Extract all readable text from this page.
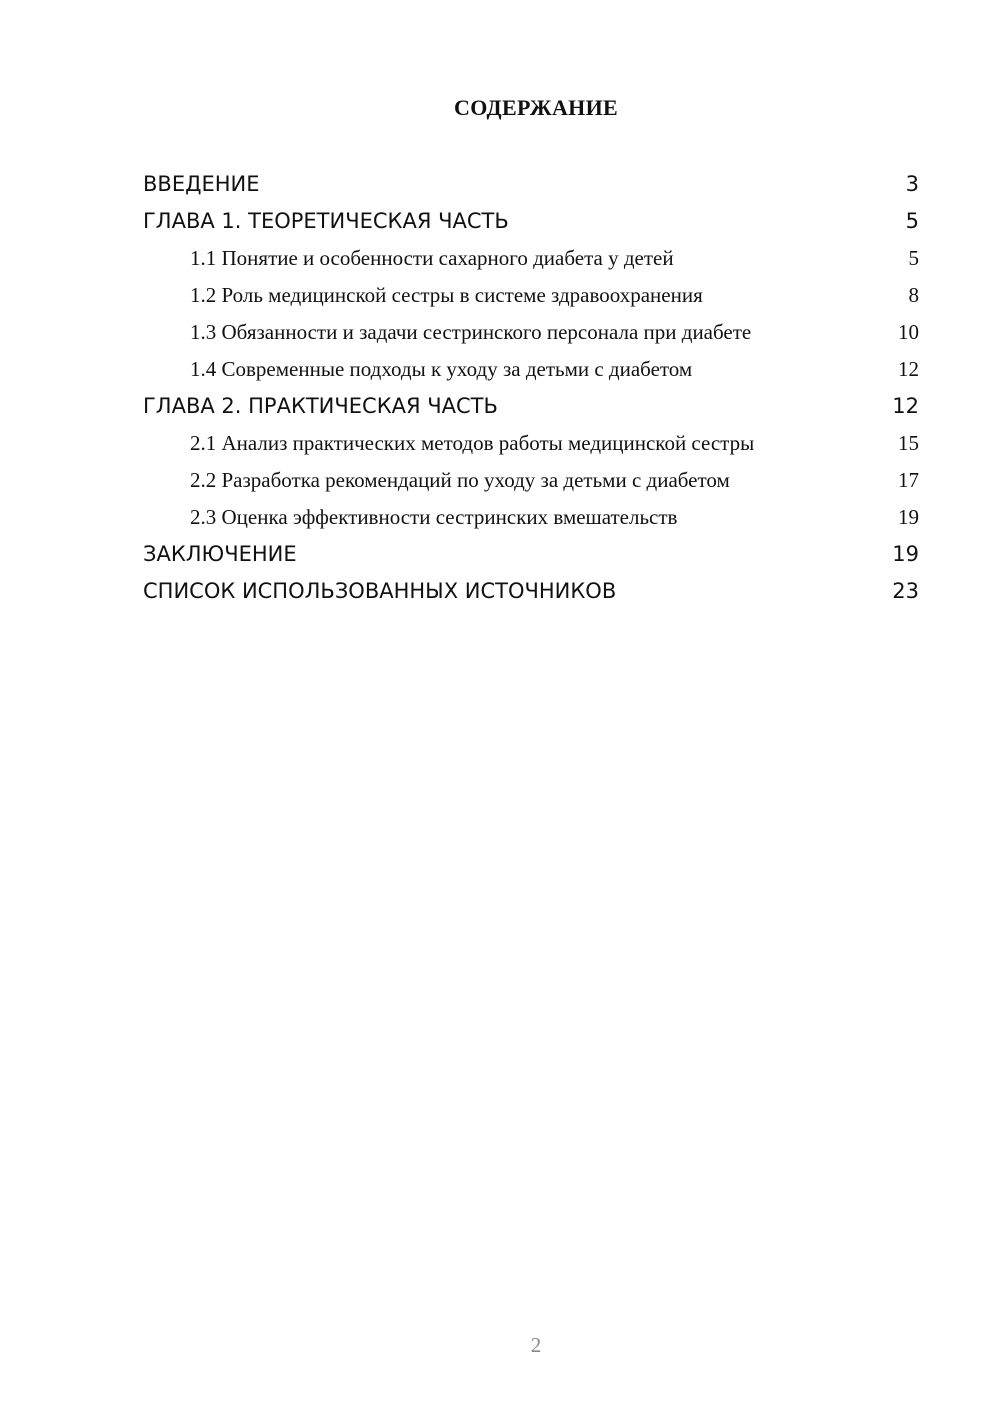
СОДЕРЖАНИЕ
ВВЕДЕНИЕ	3
ГЛАВА 1. ТЕОРЕТИЧЕСКАЯ ЧАСТЬ	5
1.1 Понятие и особенности сахарного диабета у детей	5
1.2 Роль медицинской сестры в системе здравоохранения	8
1.3 Обязанности и задачи сестринского персонала при диабете	10
1.4 Современные подходы к уходу за детьми с диабетом	12
ГЛАВА 2. ПРАКТИЧЕСКАЯ ЧАСТЬ	12
2.1 Анализ практических методов работы медицинской сестры	15
2.2 Разработка рекомендаций по уходу за детьми с диабетом	17
2.3 Оценка эффективности сестринских вмешательств	19
ЗАКЛЮЧЕНИЕ	19
СПИСОК ИСПОЛЬЗОВАННЫХ ИСТОЧНИКОВ	23
2
